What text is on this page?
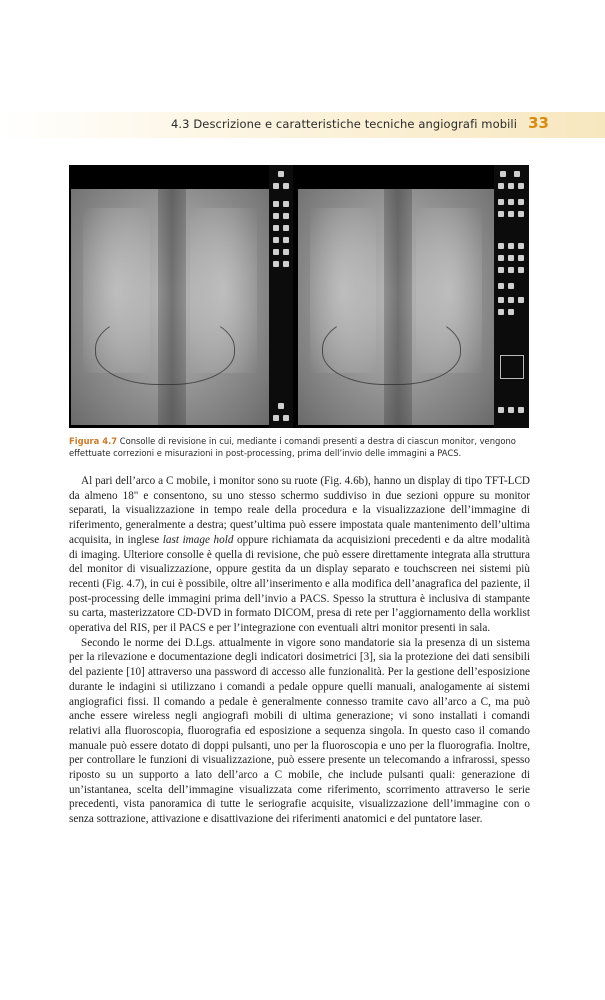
4.3 Descrizione e caratteristiche tecniche angiografi mobili 33
Figura 4.7 Consolle di revisione in cui, mediante i comandi presenti a destra di ciascun monitor, vengono effettuate correzioni e misurazioni in post-processing, prima dell’invio delle immagini a PACS.

Al pari dell’arco a C mobile, i monitor sono su ruote (Fig. 4.6b), hanno un display di tipo TFT-LCD da almeno 18" e consentono, su uno stesso schermo suddiviso in due sezioni oppure su monitor separati, la visualizzazione in tempo reale della procedura e la visualizzazione dell’immagine di riferimento, generalmente a destra; quest’ultima può essere impostata quale mantenimento dell’ultima acquisita, in inglese last image hold oppure richiamata da acquisizioni precedenti e da altre modalità di imaging. Ulteriore consolle è quella di revisione, che può essere direttamente integrata alla struttura del monitor di visualizzazione, oppure gestita da un display separato e touchscreen nei sistemi più recenti (Fig. 4.7), in cui è possibile, oltre all’inserimento e alla modifica dell’anagrafica del paziente, il post-processing delle immagini prima dell’invio a PACS. Spesso la struttura è inclusiva di stampante su carta, masterizzatore CD-DVD in formato DICOM, presa di rete per l’aggiornamento della worklist operativa del RIS, per il PACS e per l’integrazione con eventuali altri monitor presenti in sala.

Secondo le norme dei D.Lgs. attualmente in vigore sono mandatorie sia la presenza di un sistema per la rilevazione e documentazione degli indicatori dosimetrici [3], sia la protezione dei dati sensibili del paziente [10] attraverso una password di accesso alle funzionalità. Per la gestione dell’esposizione durante le indagini si utilizzano i comandi a pedale oppure quelli manuali, analogamente ai sistemi angiografici fissi. Il comando a pedale è generalmente connesso tramite cavo all’arco a C, ma può anche essere wireless negli angiografi mobili di ultima generazione; vi sono installati i comandi relativi alla fluoroscopia, fluorografia ed esposizione a sequenza singola. In questo caso il comando manuale può essere dotato di doppi pulsanti, uno per la fluoroscopia e uno per la fluorografia. Inoltre, per controllare le funzioni di visualizzazione, può essere presente un telecomando a infrarossi, spesso riposto su un supporto a lato dell’arco a C mobile, che include pulsanti quali: generazione di un’istantanea, scelta dell’immagine visualizzata come riferimento, scorrimento attraverso le serie precedenti, vista panoramica di tutte le seriografie acquisite, visualizzazione dell’immagine con o senza sottrazione, attivazione e disattivazione dei riferimenti anatomici e del puntatore laser.
